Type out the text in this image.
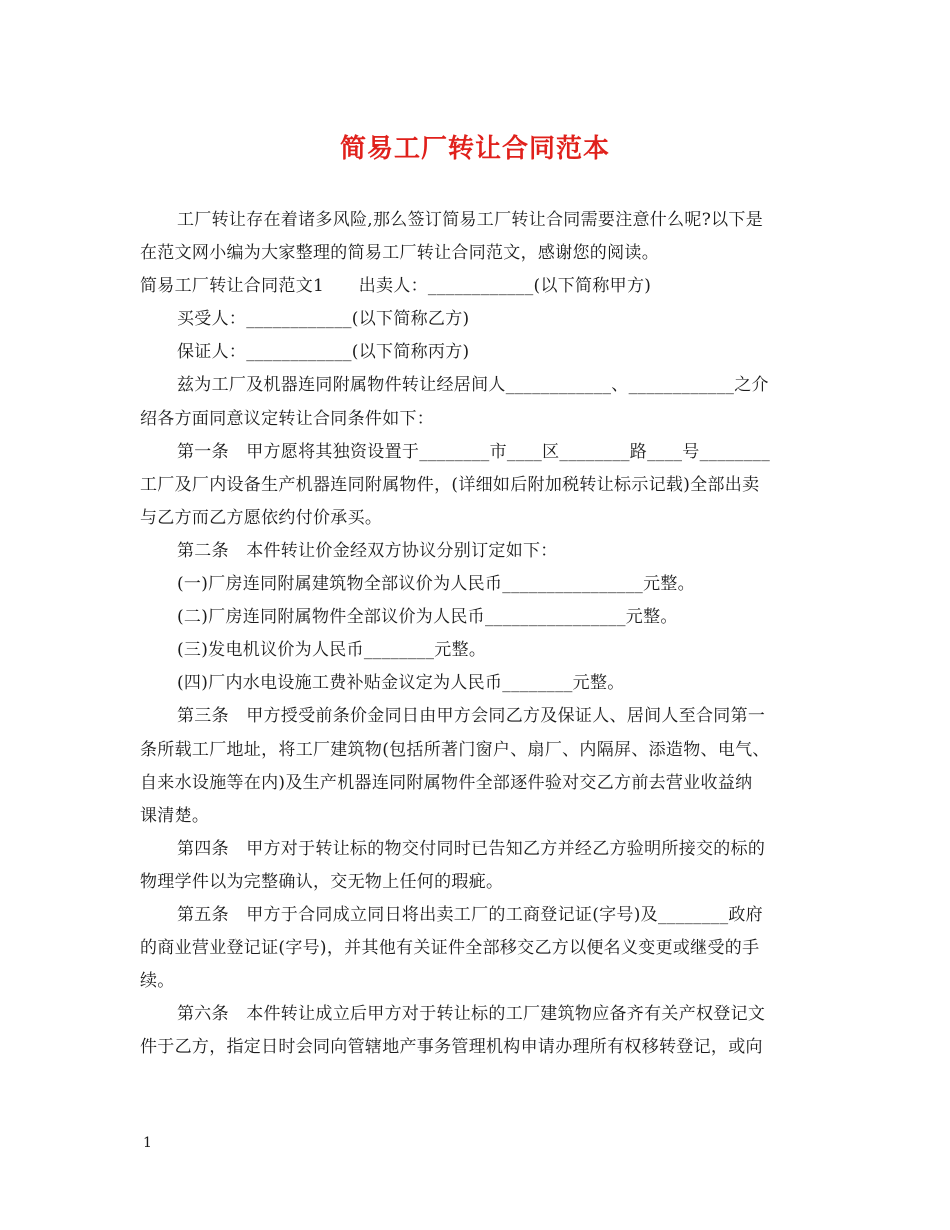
简易工厂转让合同范本
工厂转让存在着诸多风险,那么签订简易工厂转让合同需要注意什么呢?以下是
在范文网小编为大家整理的简易工厂转让合同范文，感谢您的阅读。
简易工厂转让合同范文1　　出卖人：____________(以下简称甲方)
买受人：____________(以下简称乙方)
保证人：____________(以下简称丙方)
兹为工厂及机器连同附属物件转让经居间人____________、____________之介
绍各方面同意议定转让合同条件如下：
第一条　甲方愿将其独资设置于________市____区________路____号________
工厂及厂内设备生产机器连同附属物件，(详细如后附加税转让标示记载)全部出卖
与乙方而乙方愿依约付价承买。
第二条　本件转让价金经双方协议分别订定如下：
(一)厂房连同附属建筑物全部议价为人民币________________元整。
(二)厂房连同附属物件全部议价为人民币________________元整。
(三)发电机议价为人民币________元整。
(四)厂内水电设施工费补贴金议定为人民币________元整。
第三条　甲方授受前条价金同日由甲方会同乙方及保证人、居间人至合同第一
条所载工厂地址，将工厂建筑物(包括所著门窗户、扇厂、内隔屏、添造物、电气、
自来水设施等在内)及生产机器连同附属物件全部逐件验对交乙方前去营业收益纳
课清楚。
第四条　甲方对于转让标的物交付同时已告知乙方并经乙方验明所接交的标的
物理学件以为完整确认，交无物上任何的瑕疵。
第五条　甲方于合同成立同日将出卖工厂的工商登记证(字号)及________政府
的商业营业登记证(字号)，并其他有关证件全部移交乙方以便名义变更或继受的手
续。
第六条　本件转让成立后甲方对于转让标的工厂建筑物应备齐有关产权登记文
件于乙方，指定日时会同向管辖地产事务管理机构申请办理所有权移转登记，或向
1
